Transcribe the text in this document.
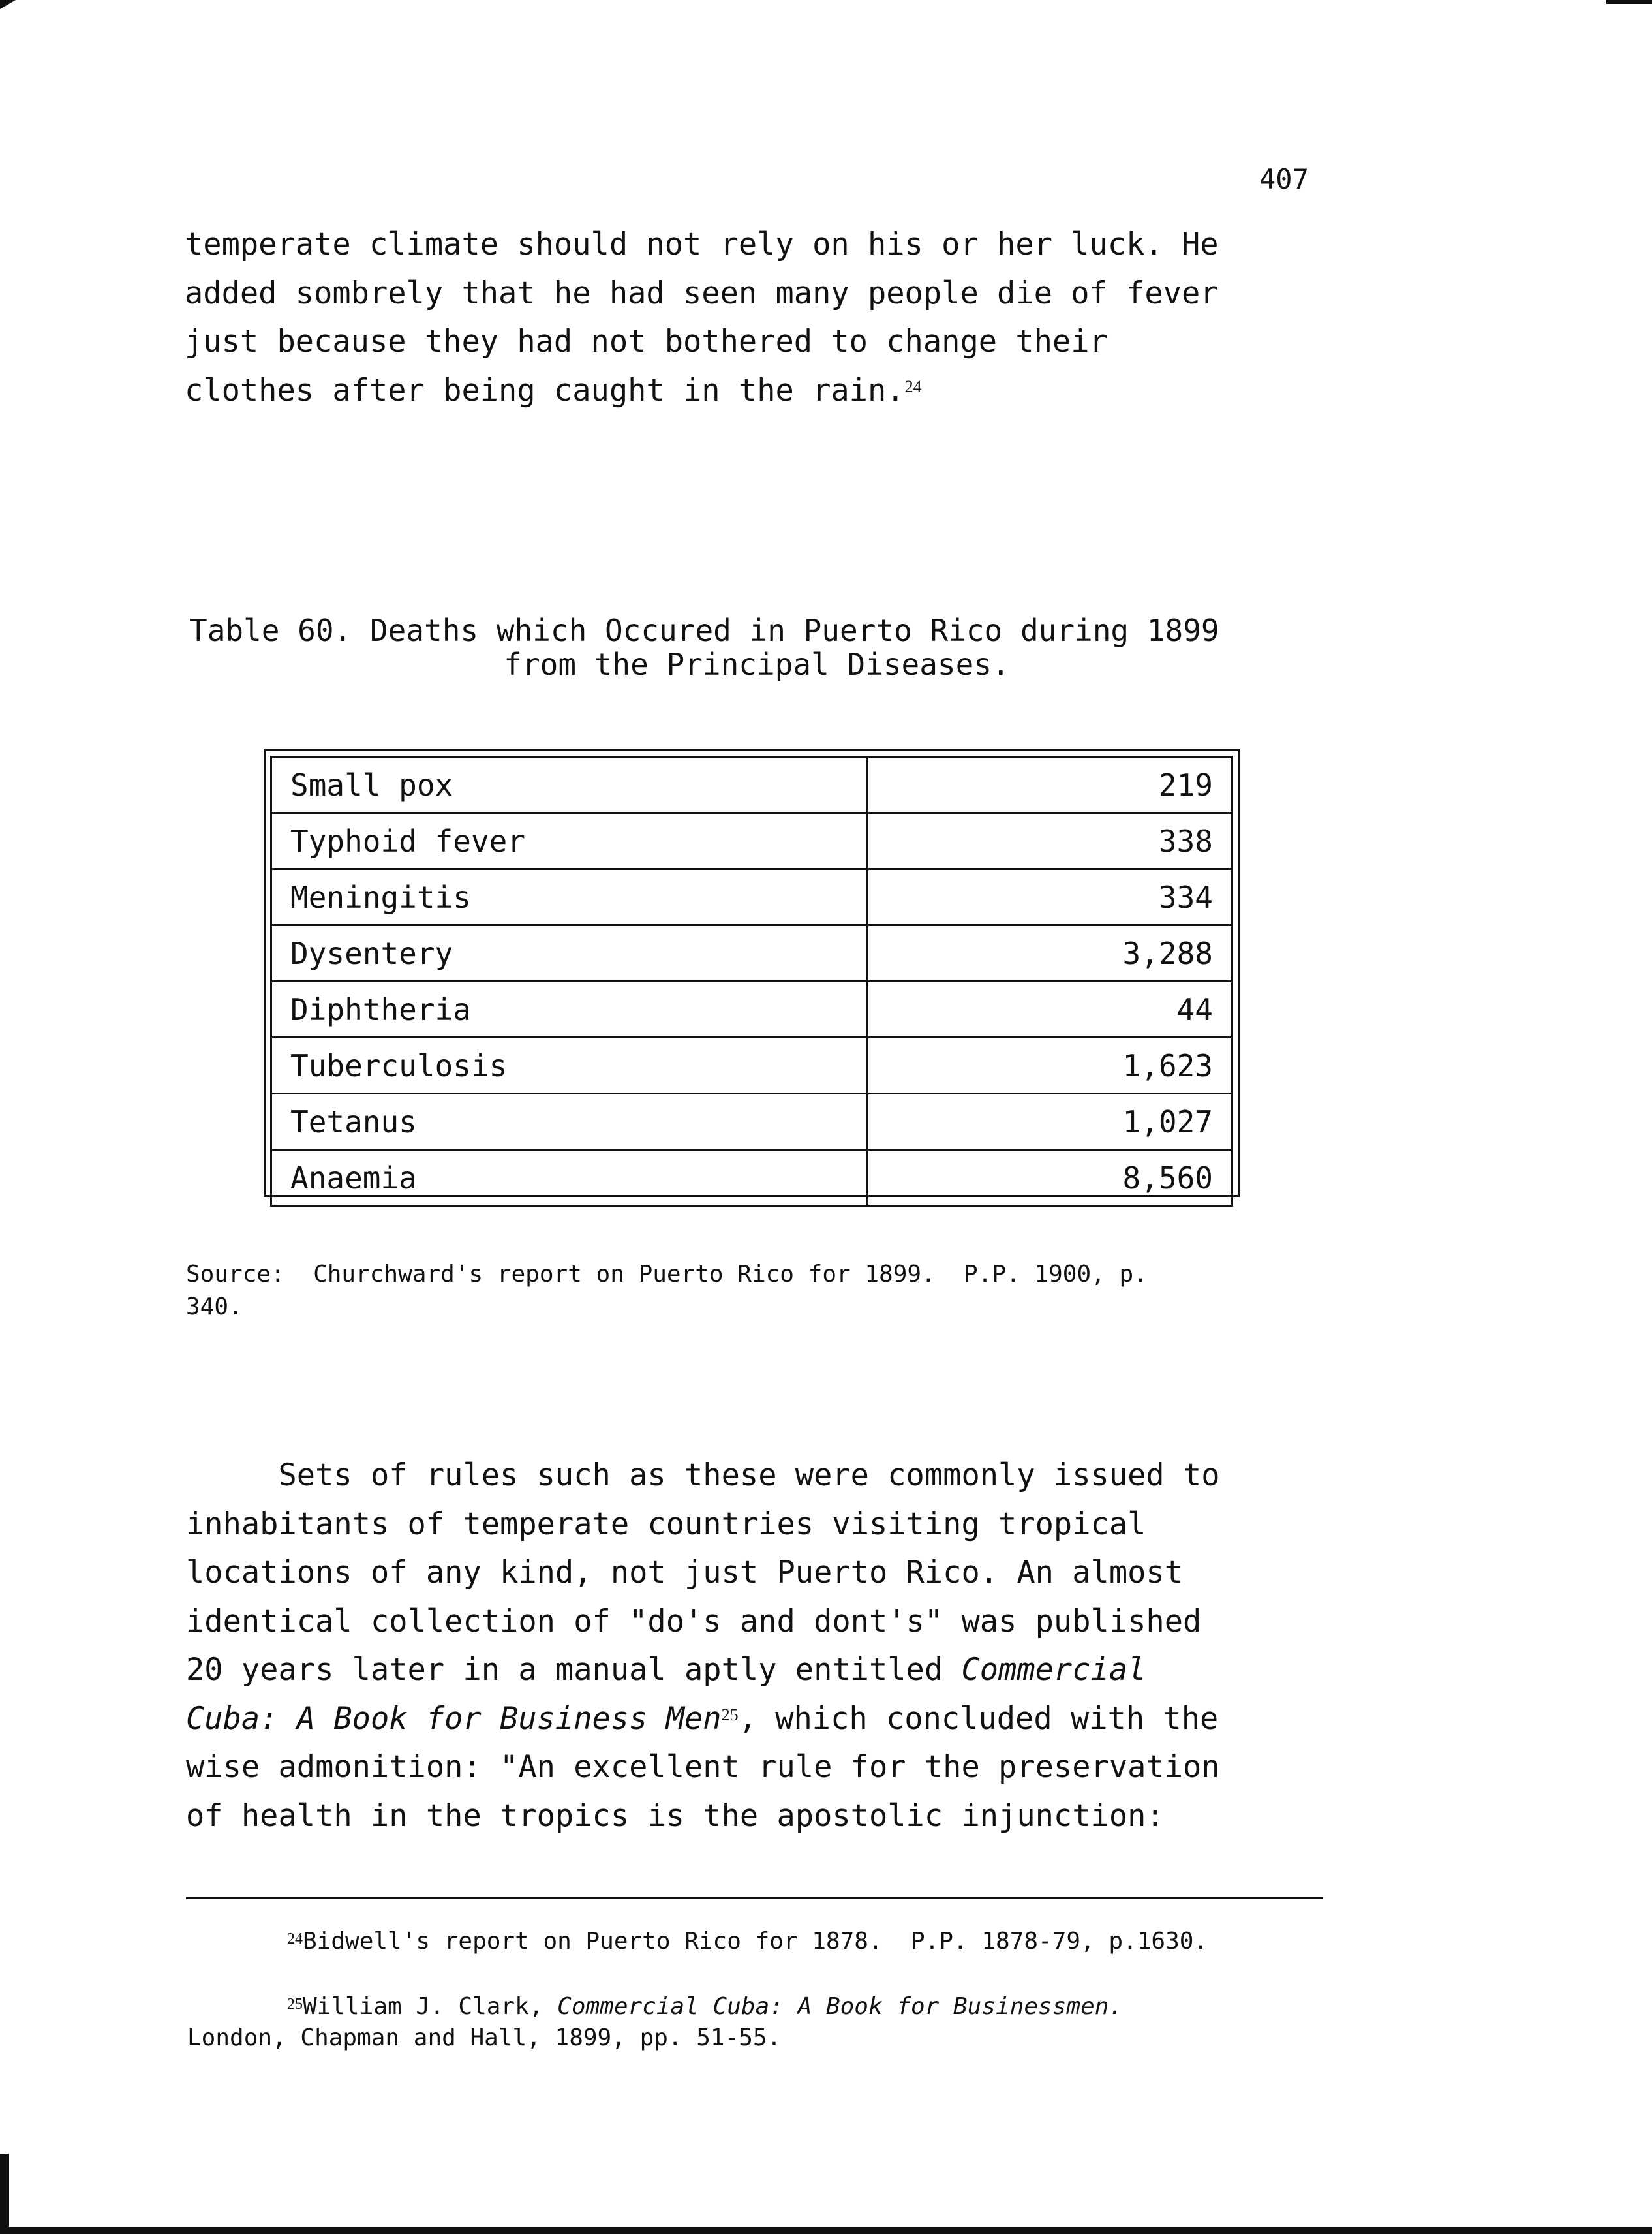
407
temperate climate should not rely on his or her luck. He
added sombrely that he had seen many people die of fever
just because they had not bothered to change their
clothes after being caught in the rain.$^{24}$
Table 60. Deaths which Occured in Puerto Rico during 1899
from the Principal Diseases.
Small pox	219
Typhoid fever	338
Meningitis	334
Dysentery	3,288
Diphtheria	44
Tuberculosis	1,623
Tetanus	1,027
Anaemia	8,560
Source:  Churchward's report on Puerto Rico for 1899.  P.P. 1900, p.
340.
Sets of rules such as these were commonly issued to
inhabitants of temperate countries visiting tropical
locations of any kind, not just Puerto Rico. An almost
identical collection of "do's and dont's" was published
20 years later in a manual aptly entitled Commercial
Cuba: A Book for Business Men$^{25}$, which concluded with the
wise admonition: "An excellent rule for the preservation
of health in the tropics is the apostolic injunction:
$^{24}$Bidwell's report on Puerto Rico for 1878.  P.P. 1878-79, p.1630.
$^{25}$William J. Clark, Commercial Cuba: A Book for Businessmen.
London, Chapman and Hall, 1899, pp. 51-55.
